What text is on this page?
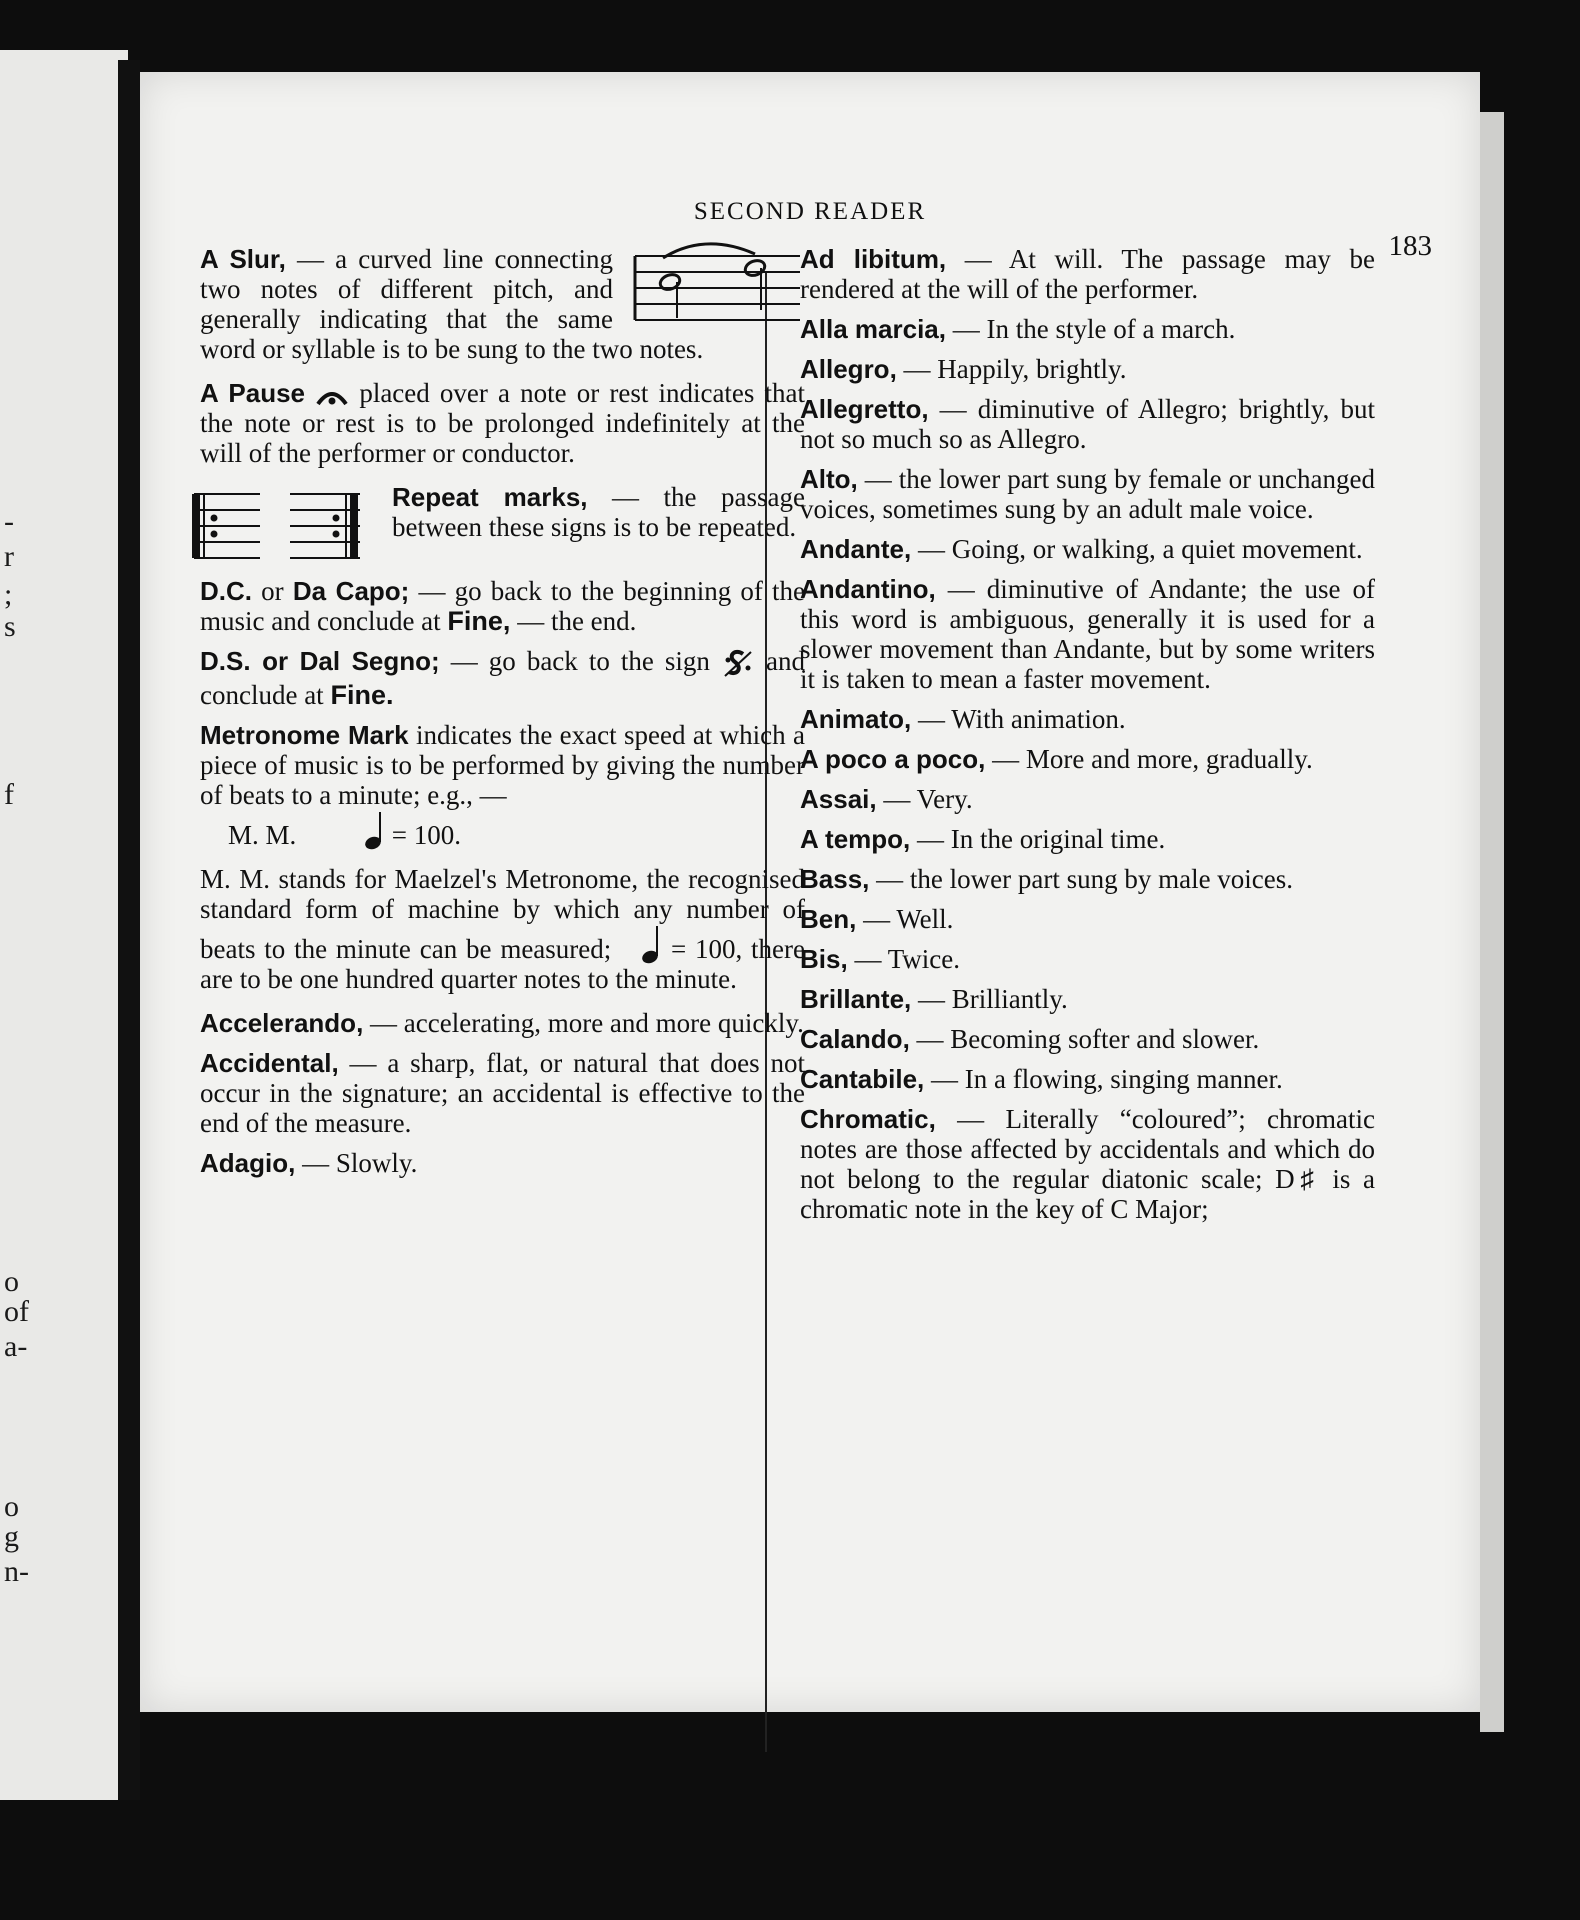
-
r
;
s
f
o
of
a-
o
g
n-
SECOND READER
183
A Slur, — a curved line connecting two notes of different pitch, and generally indicating that the same word or syllable is to be sung to the two notes.
A Pause placed over a note or rest indicates that the note or rest is to be prolonged indefinitely at the will of the performer or conductor.
Repeat marks, — the passage between these signs is to be repeated.
D.C. or Da Capo; — go back to the beginning of the music and conclude at Fine, — the end.
D.S. or Dal Segno; — go back to the sign and conclude at Fine.
Metronome Mark indicates the exact speed at which a piece of music is to be performed by giving the number of beats to a minute; e.g., —
M. M.	= 100.
M. M. stands for Maelzel's Metronome, the recognised standard form of machine by which any number of beats to the minute can be measured; = 100, there are to be one hundred quarter notes to the minute.
Accelerando, — accelerating, more and more quickly.
Accidental, — a sharp, flat, or natural that does not occur in the signature; an accidental is effective to the end of the measure.
Adagio, — Slowly.
Ad libitum, — At will. The passage may be rendered at the will of the performer.
Alla marcia, — In the style of a march.
Allegro, — Happily, brightly.
Allegretto, — diminutive of Allegro; brightly, but not so much so as Allegro.
Alto, — the lower part sung by female or unchanged voices, sometimes sung by an adult male voice.
Andante, — Going, or walking, a quiet movement.
Andantino, — diminutive of Andante; the use of this word is ambiguous, generally it is used for a slower movement than Andante, but by some writers it is taken to mean a faster movement.
Animato, — With animation.
A poco a poco, — More and more, gradually.
Assai, — Very.
A tempo, — In the original time.
Bass, — the lower part sung by male voices.
Ben, — Well.
Bis, — Twice.
Brillante, — Brilliantly.
Calando, — Becoming softer and slower.
Cantabile, — In a flowing, singing manner.
Chromatic, — Literally “coloured”; chromatic notes are those affected by accidentals and which do not belong to the regular diatonic scale; D♯ is a chromatic note in the key of C Major;
